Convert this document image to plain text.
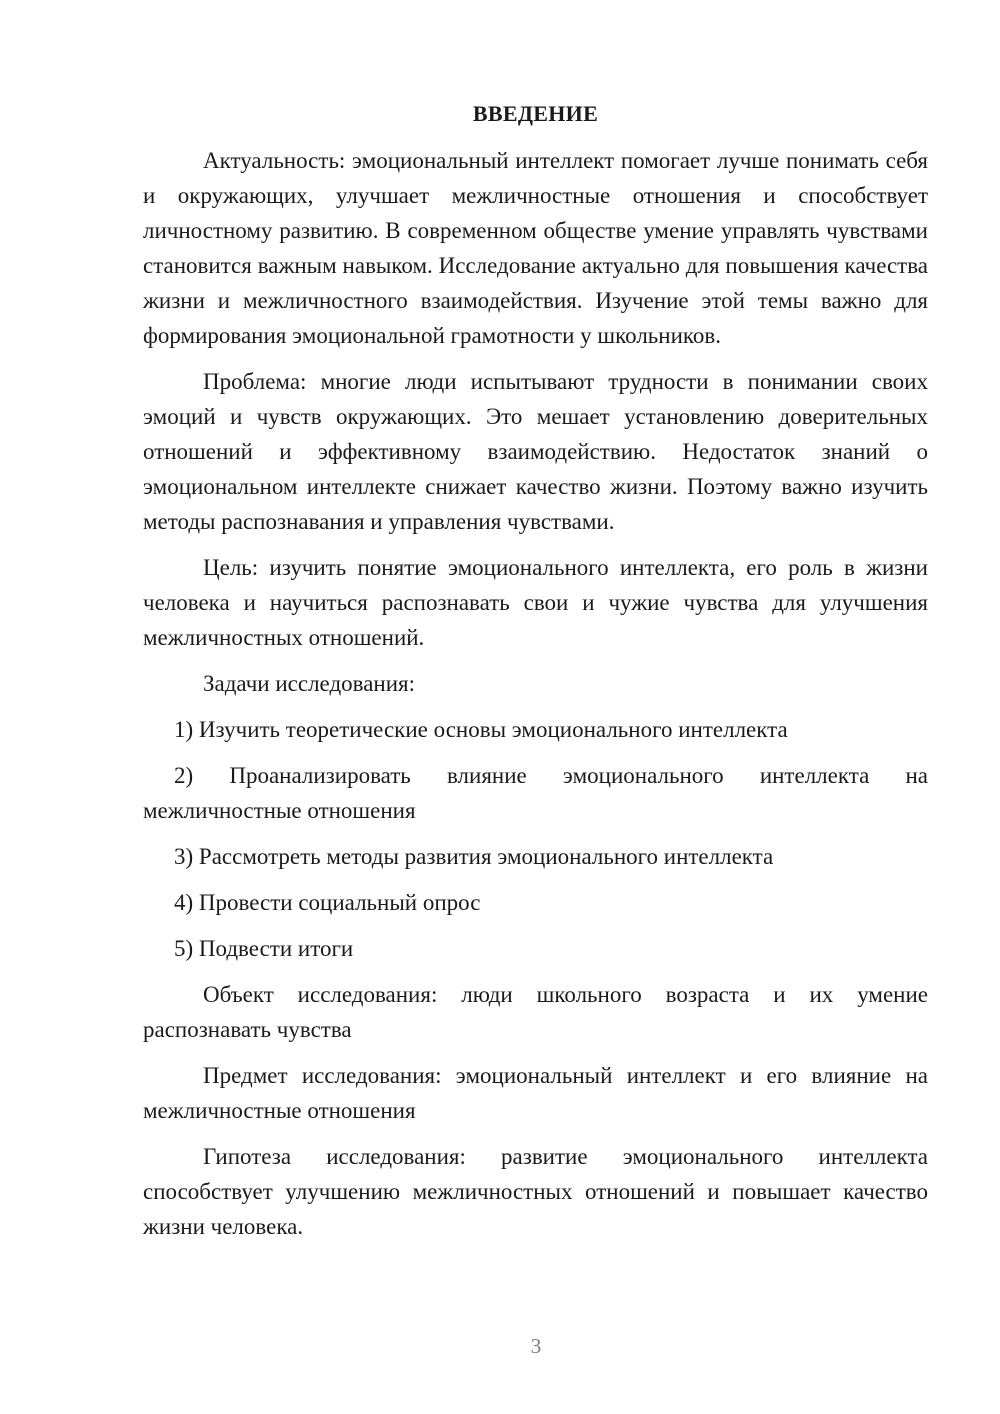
ВВЕДЕНИЕ

Актуальность: эмоциональный интеллект помогает лучше понимать себя и окружающих, улучшает межличностные отношения и способствует личностному развитию. В современном обществе умение управлять чувствами становится важным навыком. Исследование актуально для повышения качества жизни и межличностного взаимодействия. Изучение этой темы важно для формирования эмоциональной грамотности у школьников.

Проблема: многие люди испытывают трудности в понимании своих эмоций и чувств окружающих. Это мешает установлению доверительных отношений и эффективному взаимодействию. Недостаток знаний о эмоциональном интеллекте снижает качество жизни. Поэтому важно изучить методы распознавания и управления чувствами.

Цель: изучить понятие эмоционального интеллекта, его роль в жизни человека и научиться распознавать свои и чужие чувства для улучшения межличностных отношений.

Задачи исследования:

1) Изучить теоретические основы эмоционального интеллекта

2) Проанализировать влияние эмоционального интеллекта на межличностные отношения

3) Рассмотреть методы развития эмоционального интеллекта

4) Провести социальный опрос

5) Подвести итоги

Объект исследования: люди школьного возраста и их умение распознавать чувства

Предмет исследования: эмоциональный интеллект и его влияние на межличностные отношения

Гипотеза исследования: развитие эмоционального интеллекта способствует улучшению межличностных отношений и повышает качество жизни человека.

3
